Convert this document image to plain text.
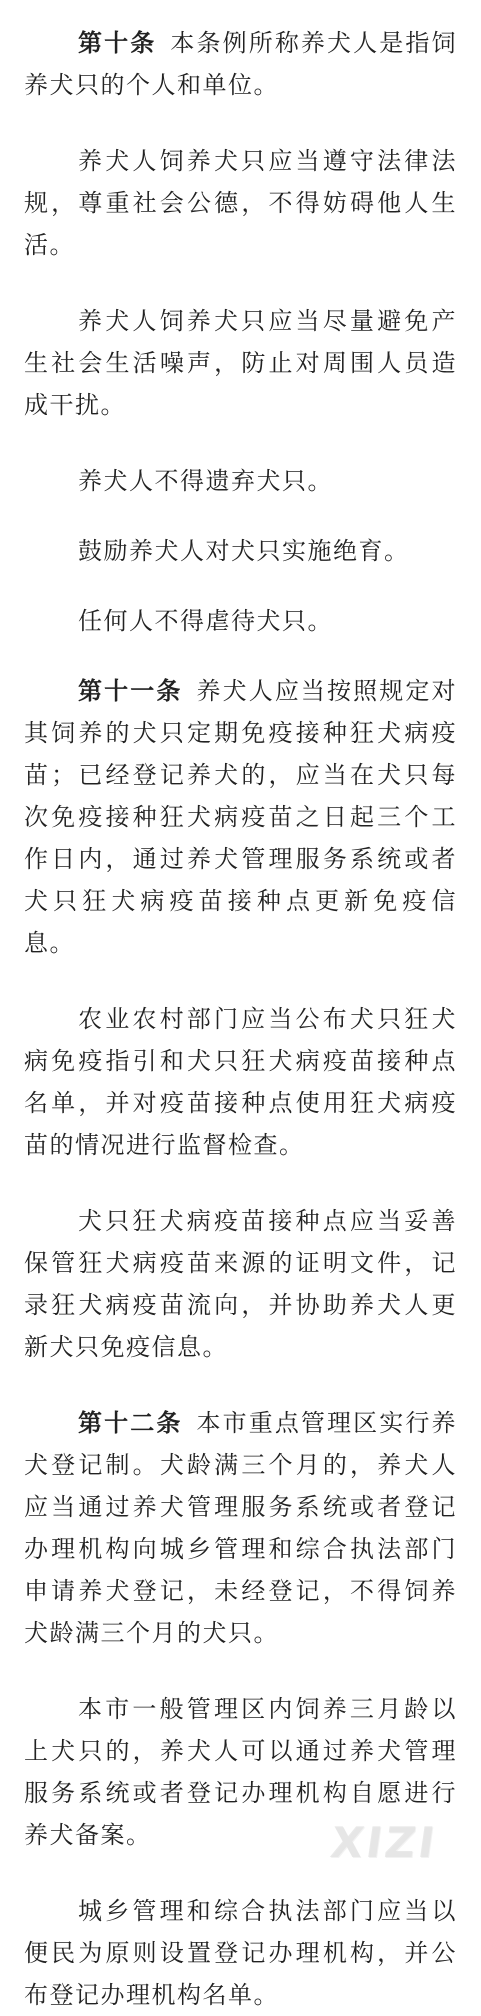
第十条 本条例所称养犬人是指饲养犬只的个人和单位。

养犬人饲养犬只应当遵守法律法规，尊重社会公德，不得妨碍他人生活。

养犬人饲养犬只应当尽量避免产生社会生活噪声，防止对周围人员造成干扰。

养犬人不得遗弃犬只。

鼓励养犬人对犬只实施绝育。

任何人不得虐待犬只。

第十一条 养犬人应当按照规定对其饲养的犬只定期免疫接种狂犬病疫苗；已经登记养犬的，应当在犬只每次免疫接种狂犬病疫苗之日起三个工作日内，通过养犬管理服务系统或者犬只狂犬病疫苗接种点更新免疫信息。

农业农村部门应当公布犬只狂犬病免疫指引和犬只狂犬病疫苗接种点名单，并对疫苗接种点使用狂犬病疫苗的情况进行监督检查。

犬只狂犬病疫苗接种点应当妥善保管狂犬病疫苗来源的证明文件，记录狂犬病疫苗流向，并协助养犬人更新犬只免疫信息。

第十二条 本市重点管理区实行养犬登记制。犬龄满三个月的，养犬人应当通过养犬管理服务系统或者登记办理机构向城乡管理和综合执法部门申请养犬登记，未经登记，不得饲养犬龄满三个月的犬只。

本市一般管理区内饲养三月龄以上犬只的，养犬人可以通过养犬管理服务系统或者登记办理机构自愿进行养犬备案。

城乡管理和综合执法部门应当以便民为原则设置登记办理机构，并公布登记办理机构名单。

XIZI
